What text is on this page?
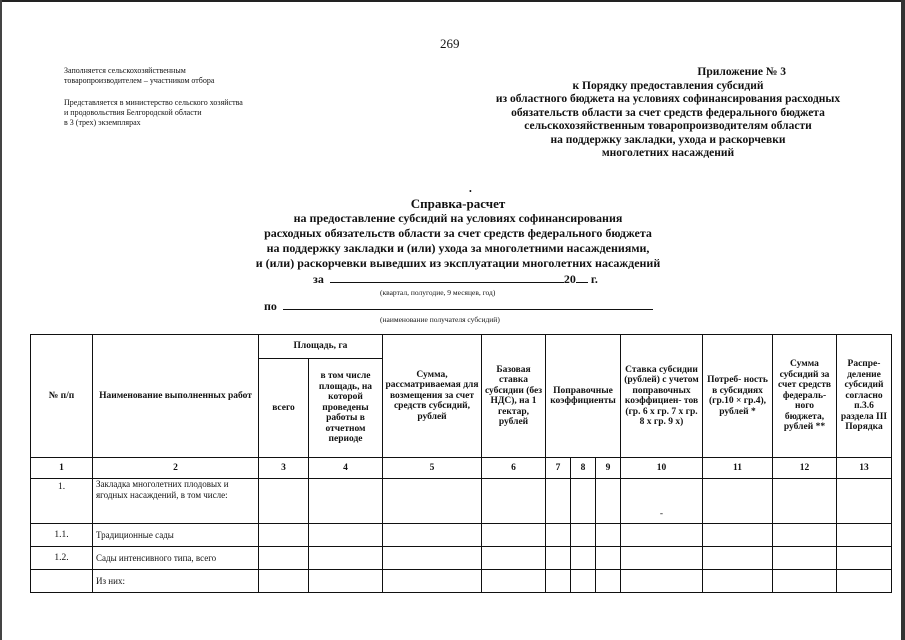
269
Заполняется сельскохозяйственным
товаропроизводителем – участником отбора
Представляется в министерство сельского хозяйства
и продовольствия Белгородской области
в 3 (трех) экземплярах
Приложение № 3
к Порядку предоставления субсидий
из областного бюджета на условиях софинансирования расходных
обязательств области за счет средств федерального бюджета
сельскохозяйственным товаропроизводителям области
на поддержку закладки, ухода и раскорчевки
многолетних насаждений
•
Справка-расчет
на предоставление субсидий на условиях софинансирования
расходных обязательств области за счет средств федерального бюджета
на поддержку закладки и (или) ухода за многолетними насаждениями,
и (или) раскорчевки выведших из эксплуатации многолетних насаждений
за	20 г.
(квартал, полугодие, 9 месяцев, год)
по
(наименование получателя субсидий)
№ п/п	Наименование выполненных работ	Площадь, га		Сумма, рассматриваемая для возмещения за счет средств субсидий, рублей	Базовая ставка субсидии (без НДС), на 1 гектар, рублей	Поправочные коэффициенты			Ставка субсидии (рублей) с учетом поправочных коэффициен- тов (гр. 6 х гр. 7 х гр. 8 х гр. 9 х)	Потреб- ность в субсидиях (гр.10 × гр.4), рублей *	Сумма субсидий за счет средств федераль- ного бюджета, рублей **	Распре- деление субсидий согласно п.3.6 раздела III Порядка
		всего	в том числе площадь, на которой проведены работы в отчетном периоде									
1	2	3	4	5	6	7	8	9	10	11	12	13
1.	Закладка многолетних плодовых и ягодных насаждений, в том числе:								-			
1.1.	Традиционные сады											
1.2.	Сады интенсивного типа, всего											
	Из них:											
